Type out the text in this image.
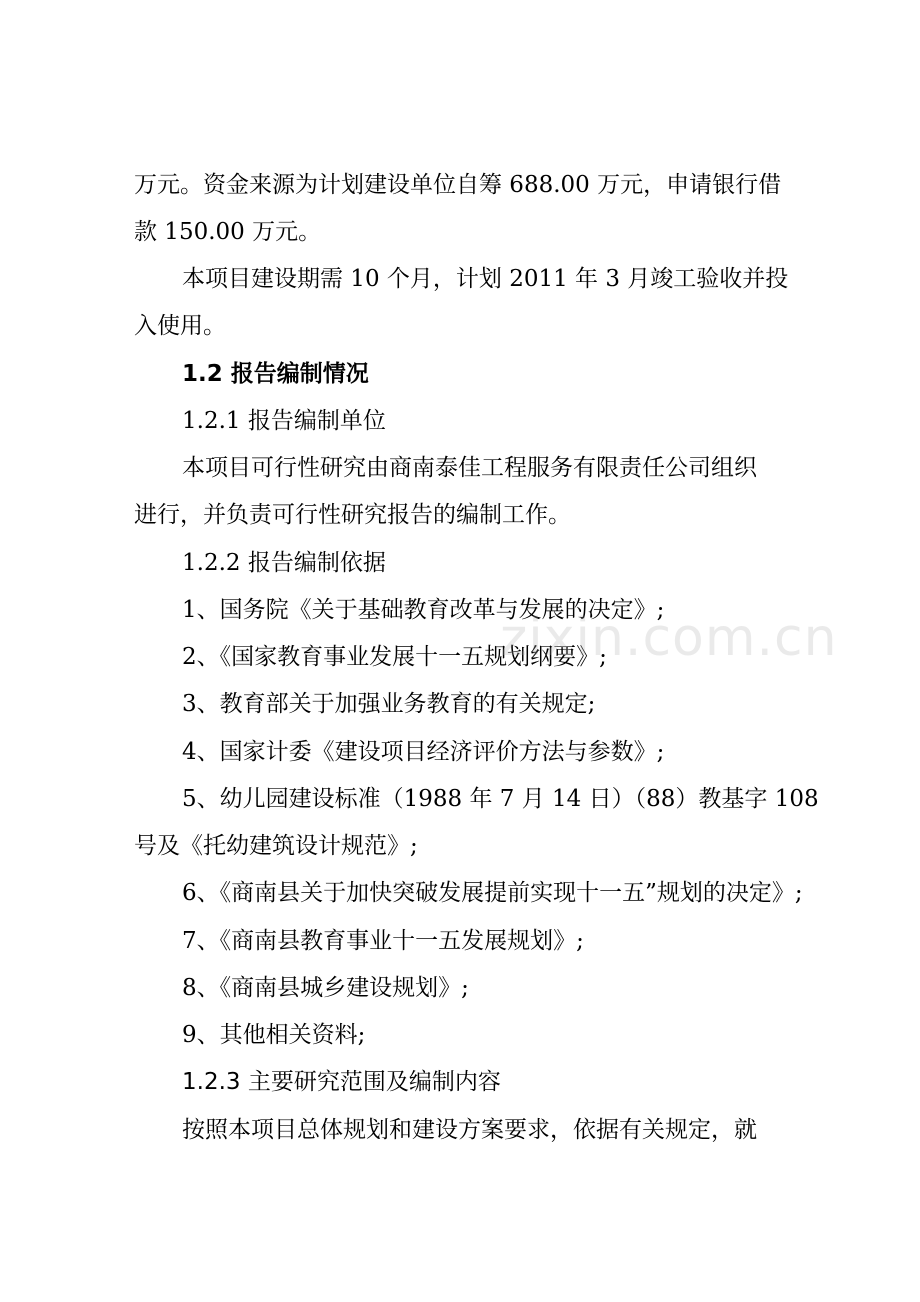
万元。资金来源为计划建设单位自筹 688.00 万元，申请银行借
款 150.00 万元。
本项目建设期需 10 个月，计划 2011 年 3 月竣工验收并投
入使用。
1.2 报告编制情况
1.2.1 报告编制单位
本项目可行性研究由商南泰佳工程服务有限责任公司组织
进行，并负责可行性研究报告的编制工作。
1.2.2 报告编制依据
1、国务院《关于基础教育改革与发展的决定》;
2、《国家教育事业发展十一五规划纲要》;
3、教育部关于加强业务教育的有关规定;
4、国家计委《建设项目经济评价方法与参数》;
5、幼儿园建设标准（1988 年 7 月 14 日）（88）教基字 108
号及《托幼建筑设计规范》;
6、《商南县关于加快突破发展提前实现十一五”规划的决定》;
7、《商南县教育事业十一五发展规划》;
8、《商南县城乡建设规划》;
9、其他相关资料;
1.2.3 主要研究范围及编制内容
按照本项目总体规划和建设方案要求，依据有关规定，就
zixin.com.cn
